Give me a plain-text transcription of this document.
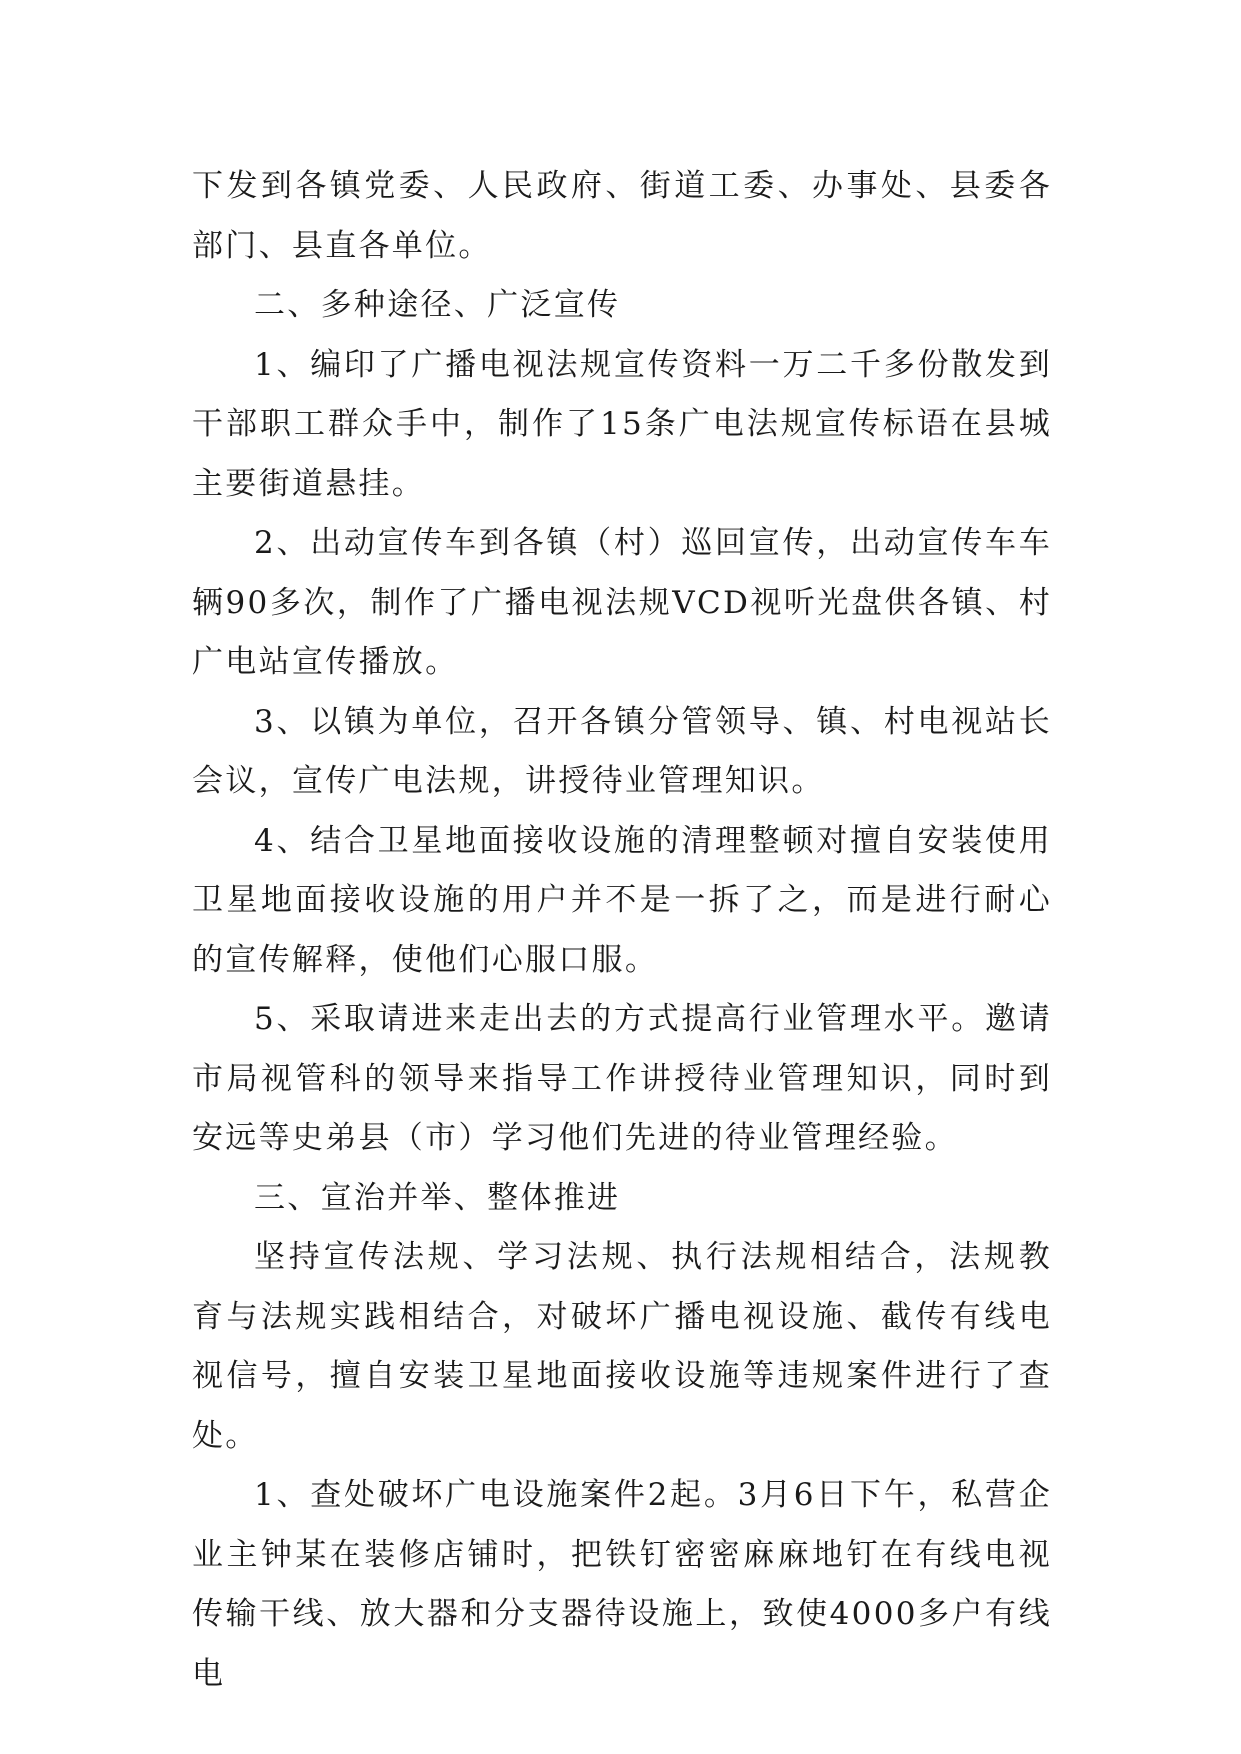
下发到各镇党委、人民政府、街道工委、办事处、县委各部门、县直各单位。

二、多种途径、广泛宣传

1、编印了广播电视法规宣传资料一万二千多份散发到干部职工群众手中，制作了15条广电法规宣传标语在县城主要街道悬挂。

2、出动宣传车到各镇（村）巡回宣传，出动宣传车车辆90多次，制作了广播电视法规VCD视听光盘供各镇、村广电站宣传播放。

3、以镇为单位，召开各镇分管领导、镇、村电视站长会议，宣传广电法规，讲授待业管理知识。

4、结合卫星地面接收设施的清理整顿对擅自安装使用卫星地面接收设施的用户并不是一拆了之，而是进行耐心的宣传解释，使他们心服口服。

5、采取请进来走出去的方式提高行业管理水平。邀请市局视管科的领导来指导工作讲授待业管理知识，同时到安远等史弟县（市）学习他们先进的待业管理经验。

三、宣治并举、整体推进

坚持宣传法规、学习法规、执行法规相结合，法规教育与法规实践相结合，对破坏广播电视设施、截传有线电视信号，擅自安装卫星地面接收设施等违规案件进行了查处。

1、查处破坏广电设施案件2起。3月6日下午，私营企业主钟某在装修店铺时，把铁钉密密麻麻地钉在有线电视传输干线、放大器和分支器待设施上，致使4000多户有线电
